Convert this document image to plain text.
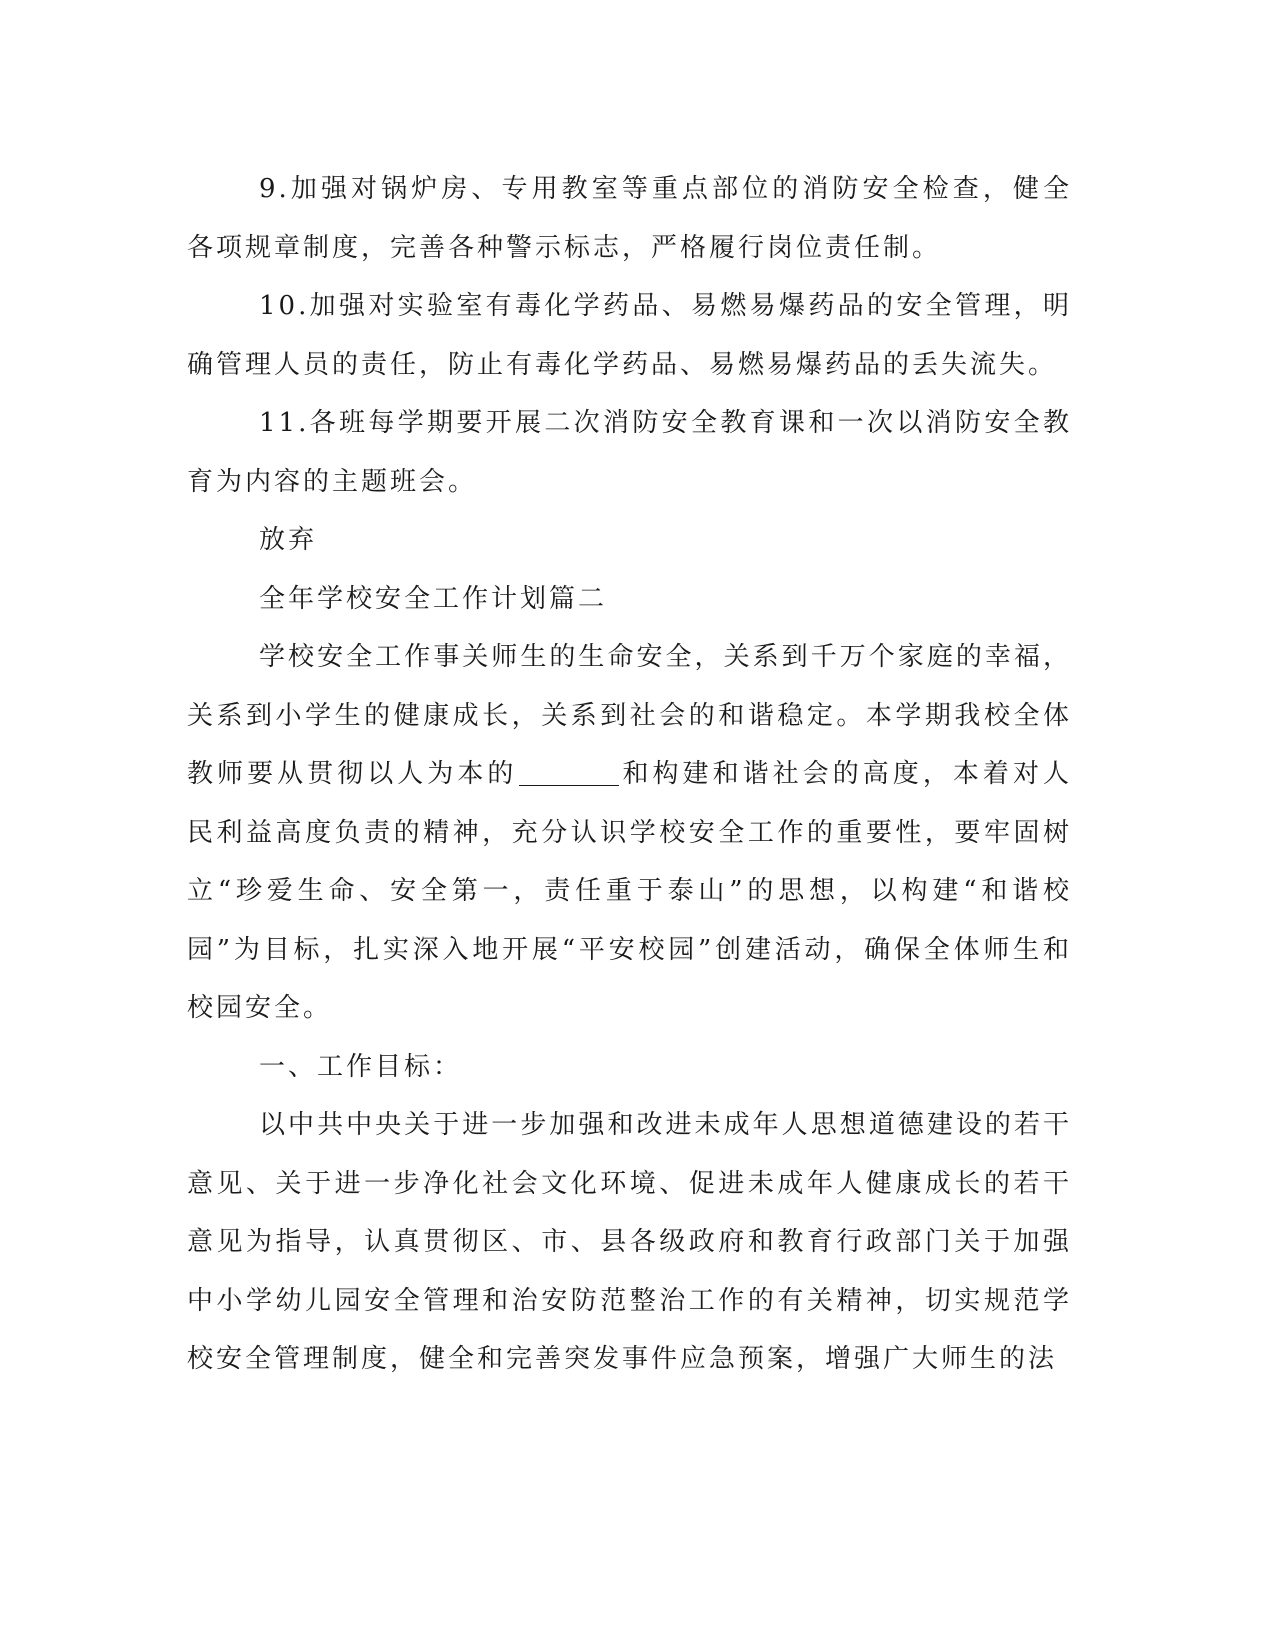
9.加强对锅炉房、专用教室等重点部位的消防安全检查，健全各项规章制度，完善各种警示标志，严格履行岗位责任制。

10.加强对实验室有毒化学药品、易燃易爆药品的安全管理，明确管理人员的责任，防止有毒化学药品、易燃易爆药品的丢失流失。

11.各班每学期要开展二次消防安全教育课和一次以消防安全教育为内容的主题班会。

放弃

全年学校安全工作计划篇二

学校安全工作事关师生的生命安全，关系到千万个家庭的幸福，关系到小学生的健康成长，关系到社会的和谐稳定。本学期我校全体教师要从贯彻以人为本的	和构建和谐社会的高度，本着对人民利益高度负责的精神，充分认识学校安全工作的重要性，要牢固树立“珍爱生命、安全第一，责任重于泰山”的思想，以构建“和谐校园”为目标，扎实深入地开展“平安校园”创建活动，确保全体师生和校园安全。

一、工作目标：

以中共中央关于进一步加强和改进未成年人思想道德建设的若干意见、关于进一步净化社会文化环境、促进未成年人健康成长的若干意见为指导，认真贯彻区、市、县各级政府和教育行政部门关于加强中小学幼儿园安全管理和治安防范整治工作的有关精神，切实规范学校安全管理制度，健全和完善突发事件应急预案，增强广大师生的法
